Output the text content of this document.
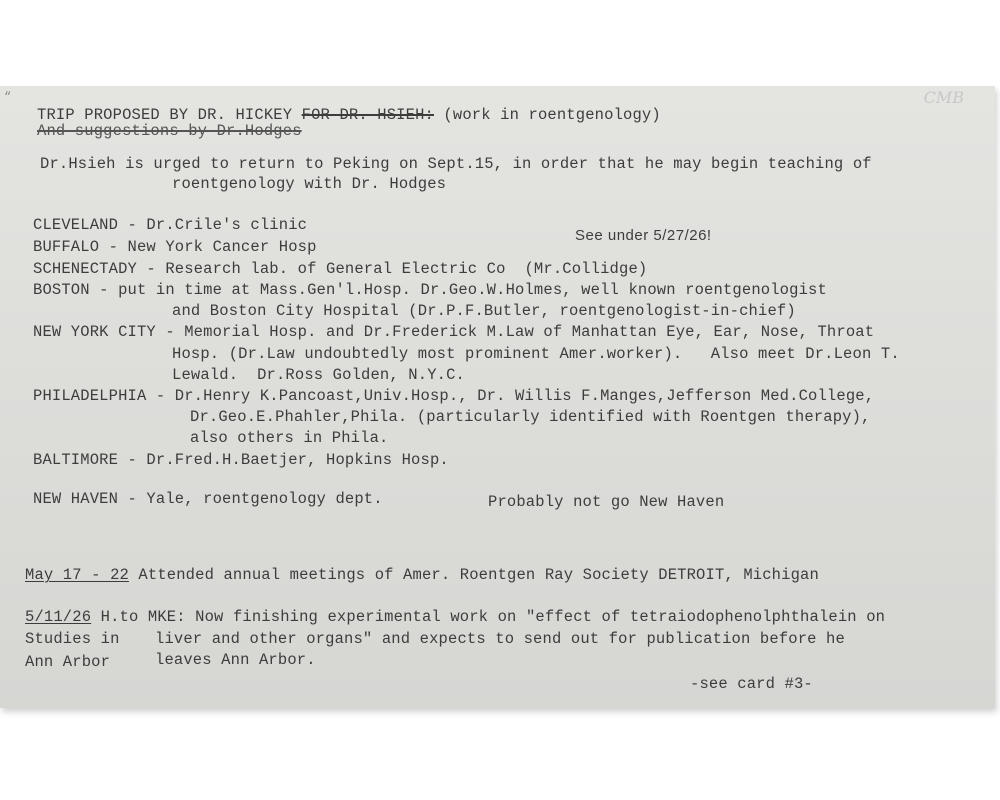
CMB
“
TRIP PROPOSED BY DR. HICKEY FOR DR. HSIEH: (work in roentgenology)
And suggestions by Dr.Hodges
Dr.Hsieh is urged to return to Peking on Sept.15, in order that he may begin teaching of
roentgenology with Dr. Hodges
CLEVELAND - Dr.Crile's clinic
BUFFALO - New York Cancer Hosp
See under 5/27/26!
SCHENECTADY - Research lab. of General Electric Co  (Mr.Collidge)
BOSTON - put in time at Mass.Gen'l.Hosp. Dr.Geo.W.Holmes, well known roentgenologist
and Boston City Hospital (Dr.P.F.Butler, roentgenologist-in-chief)
NEW YORK CITY - Memorial Hosp. and Dr.Frederick M.Law of Manhattan Eye, Ear, Nose, Throat
Hosp. (Dr.Law undoubtedly most prominent Amer.worker).   Also meet Dr.Leon T.
Lewald.  Dr.Ross Golden, N.Y.C.
PHILADELPHIA - Dr.Henry K.Pancoast,Univ.Hosp., Dr. Willis F.Manges,Jefferson Med.College,
Dr.Geo.E.Phahler,Phila. (particularly identified with Roentgen therapy),
also others in Phila.
BALTIMORE - Dr.Fred.H.Baetjer, Hopkins Hosp.
NEW HAVEN - Yale, roentgenology dept.	Probably not go New Haven
May 17 - 22 Attended annual meetings of Amer. Roentgen Ray Society DETROIT, Michigan
5/11/26 H.to MKE: Now finishing experimental work on "effect of tetraiodophenolphthalein on
Studies in liver and other organs" and expects to send out for publication before he
Ann Arbor	leaves Ann Arbor.
-see card #3-
